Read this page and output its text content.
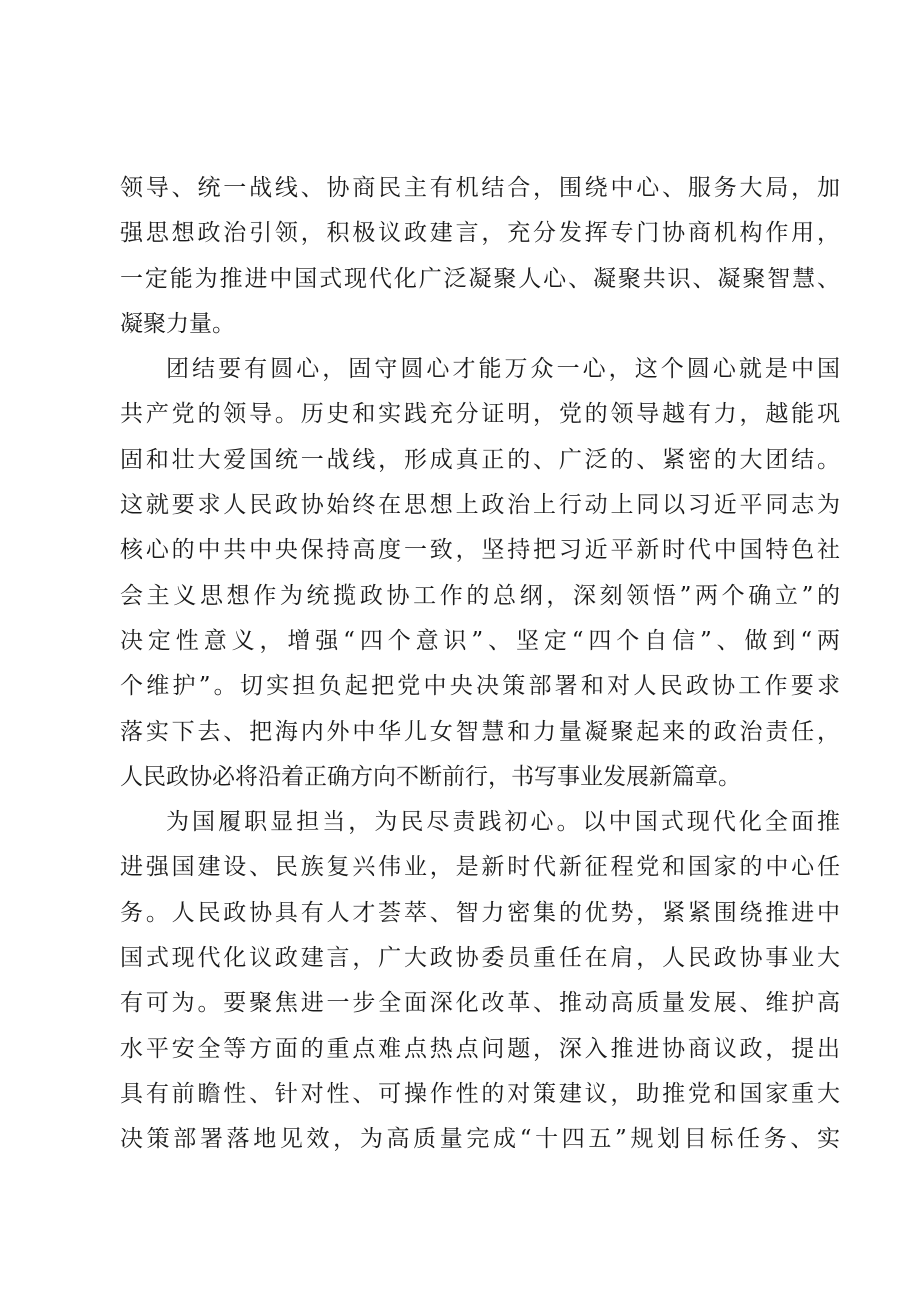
领导、统一战线、协商民主有机结合，围绕中心、服务大局，加
强思想政治引领，积极议政建言，充分发挥专门协商机构作用，
一定能为推进中国式现代化广泛凝聚人心、凝聚共识、凝聚智慧、
凝聚力量。
团结要有圆心，固守圆心才能万众一心，这个圆心就是中国
共产党的领导。历史和实践充分证明，党的领导越有力，越能巩
固和壮大爱国统一战线，形成真正的、广泛的、紧密的大团结。
这就要求人民政协始终在思想上政治上行动上同以习近平同志为
核心的中共中央保持高度一致，坚持把习近平新时代中国特色社
会主义思想作为统揽政协工作的总纲，深刻领悟”两个确立”的
决定性意义，增强“四个意识”、坚定“四个自信”、做到“两
个维护”。切实担负起把党中央决策部署和对人民政协工作要求
落实下去、把海内外中华儿女智慧和力量凝聚起来的政治责任，
人民政协必将沿着正确方向不断前行，书写事业发展新篇章。
为国履职显担当，为民尽责践初心。以中国式现代化全面推
进强国建设、民族复兴伟业，是新时代新征程党和国家的中心任
务。人民政协具有人才荟萃、智力密集的优势，紧紧围绕推进中
国式现代化议政建言，广大政协委员重任在肩，人民政协事业大
有可为。要聚焦进一步全面深化改革、推动高质量发展、维护高
水平安全等方面的重点难点热点问题，深入推进协商议政，提出
具有前瞻性、针对性、可操作性的对策建议，助推党和国家重大
决策部署落地见效，为高质量完成“十四五”规划目标任务、实
